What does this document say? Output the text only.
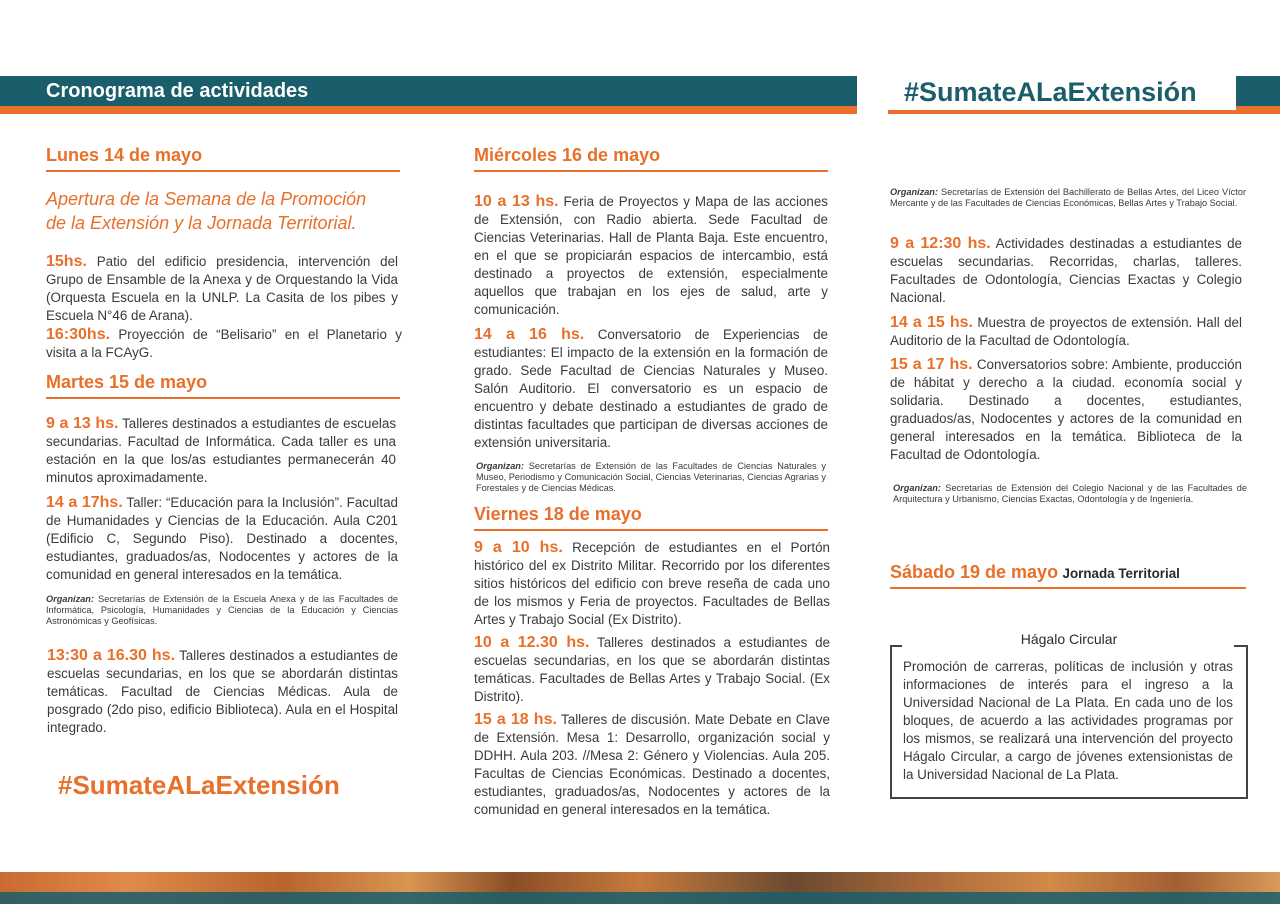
Cronograma de actividades	#SumateALaExtensión
Lunes 14 de mayo
Apertura de la Semana de la Promoción
de la Extensión y la Jornada Territorial.
15hs. Patio del edificio presidencia, intervención del Grupo de Ensamble de la Anexa y de Orquestando la Vida (Orquesta Escuela en la UNLP. La Casita de los pibes y Escuela N°46 de Arana).
16:30hs. Proyección de “Belisario” en el Planetario y visita a la FCAyG.
Martes 15 de mayo
9 a 13 hs. Talleres destinados a estudiantes de escuelas secundarias. Facultad de Informática. Cada taller es una estación en la que los/as estudiantes permanecerán 40 minutos aproximadamente.
14 a 17hs. Taller: “Educación para la Inclusión”. Facultad de Humanidades y Ciencias de la Educación. Aula C201 (Edificio C, Segundo Piso). Destinado a docentes, estudiantes, graduados/as, Nodocentes y actores de la comunidad en general interesados en la temática.
Organizan: Secretarías de Extensión de la Escuela Anexa y de las Facultades de Informática, Psicología, Humanidades y Ciencias de la Educación y Ciencias Astronómicas y Geofísicas.
13:30 a 16.30 hs. Talleres destinados a estudiantes de escuelas secundarias, en los que se abordarán distintas temáticas. Facultad de Ciencias Médicas. Aula de posgrado (2do piso, edificio Biblioteca). Aula en el Hospital integrado.
#SumateALaExtensión
Miércoles 16 de mayo
10 a 13 hs. Feria de Proyectos y Mapa de las acciones de Extensión, con Radio abierta. Sede Facultad de Ciencias Veterinarias. Hall de Planta Baja. Este encuentro, en el que se propiciarán espacios de intercambio, está destinado a proyectos de extensión, especialmente aquellos que trabajan en los ejes de salud, arte y comunicación.
14 a 16 hs. Conversatorio de Experiencias de estudiantes: El impacto de la extensión en la formación de grado. Sede Facultad de Ciencias Naturales y Museo. Salón Auditorio. El conversatorio es un espacio de encuentro y debate destinado a estudiantes de grado de distintas facultades que participan de diversas acciones de extensión universitaria.
Organizan: Secretarías de Extensión de las Facultades de Ciencias Naturales y Museo, Periodismo y Comunicación Social, Ciencias Veterinarias, Ciencias Agrarias y Forestales y de Ciencias Médicas.
Viernes 18 de mayo
9 a 10 hs. Recepción de estudiantes en el Portón histórico del ex Distrito Militar. Recorrido por los diferentes sitios históricos del edificio con breve reseña de cada uno de los mismos y Feria de proyectos. Facultades de Bellas Artes y Trabajo Social (Ex Distrito).
10 a 12.30 hs. Talleres destinados a estudiantes de escuelas secundarias, en los que se abordarán distintas temáticas. Facultades de Bellas Artes y Trabajo Social. (Ex Distrito).
15 a 18 hs. Talleres de discusión. Mate Debate en Clave de Extensión. Mesa 1: Desarrollo, organización social y DDHH. Aula 203. //Mesa 2: Género y Violencias. Aula 205. Facultas de Ciencias Económicas. Destinado a docentes, estudiantes, graduados/as, Nodocentes y actores de la comunidad en general interesados en la temática.
Organizan: Secretarías de Extensión del Bachillerato de Bellas Artes, del Liceo Víctor Mercante y de las Facultades de Ciencias Económicas, Bellas Artes y Trabajo Social.
9 a 12:30 hs. Actividades destinadas a estudiantes de escuelas secundarias. Recorridas, charlas, talleres. Facultades de Odontología, Ciencias Exactas y Colegio Nacional.
14 a 15 hs. Muestra de proyectos de extensión. Hall del Auditorio de la Facultad de Odontología.
15 a 17 hs. Conversatorios sobre: Ambiente, producción de hábitat y derecho a la ciudad. economía social y solidaria. Destinado a docentes, estudiantes, graduados/as, Nodocentes y actores de la comunidad en general interesados en la temática. Biblioteca de la Facultad de Odontología.
Organizan: Secretarías de Extensión del Colegio Nacional y de las Facultades de Arquitectura y Urbanismo, Ciencias Exactas, Odontología y de Ingeniería.
Sábado 19 de mayo Jornada Territorial
Hágalo Circular
Promoción de carreras, políticas de inclusión y otras informaciones de interés para el ingreso a la Universidad Nacional de La Plata. En cada uno de los bloques, de acuerdo a las actividades programas por los mismos, se realizará una intervención del proyecto Hágalo Circular, a cargo de jóvenes extensionistas de la Universidad Nacional de La Plata.
